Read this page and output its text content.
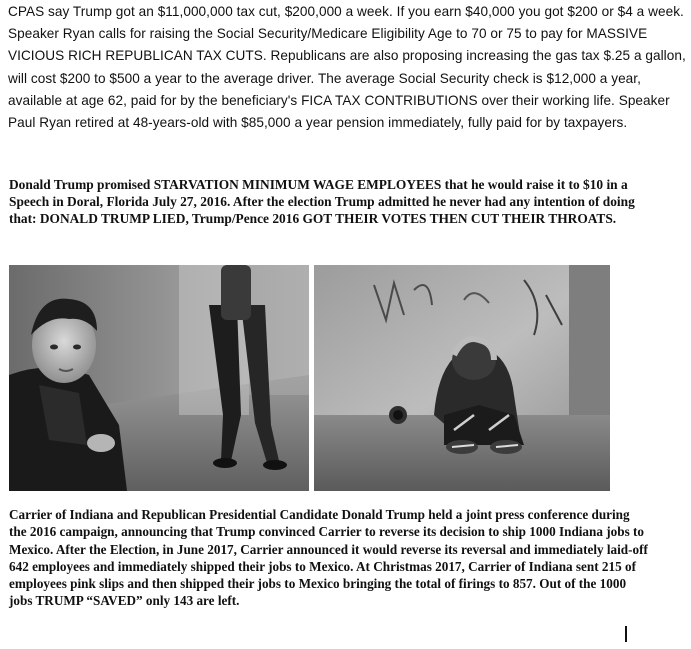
CPAS say Trump got an $11,000,000 tax cut, $200,000 a week. If you earn $40,000 you got $200 or $4 a week. Speaker Ryan calls for raising the Social Security/Medicare Eligibility Age to 70 or 75 to pay for MASSIVE VICIOUS RICH REPUBLICAN TAX CUTS. Republicans are also proposing increasing the gas tax $.25 a gallon, will cost $200 to $500 a year to the average driver. The average Social Security check is $12,000 a year, available at age 62, paid for by the beneficiary's FICA TAX CONTRIBUTIONS over their working life. Speaker Paul Ryan retired at 48-years-old with $85,000 a year pension immediately, fully paid for by taxpayers.

Donald Trump promised STARVATION MINIMUM WAGE EMPLOYEES that he would raise it to $10 in a Speech in Doral, Florida July 27, 2016. After the election Trump admitted he never had any intention of doing that: DONALD TRUMP LIED, Trump/Pence 2016 GOT THEIR VOTES THEN CUT THEIR THROATS.

Carrier of Indiana and Republican Presidential Candidate Donald Trump held a joint press conference during the 2016 campaign, announcing that Trump convinced Carrier to reverse its decision to ship 1000 Indiana jobs to Mexico. After the Election, in June 2017, Carrier announced it would reverse its reversal and immediately laid-off 642 employees and immediately shipped their jobs to Mexico. At Christmas 2017, Carrier of Indiana sent 215 of employees pink slips and then shipped their jobs to Mexico bringing the total of firings to 857. Out of the 1000 jobs TRUMP “SAVED” only 143 are left.
